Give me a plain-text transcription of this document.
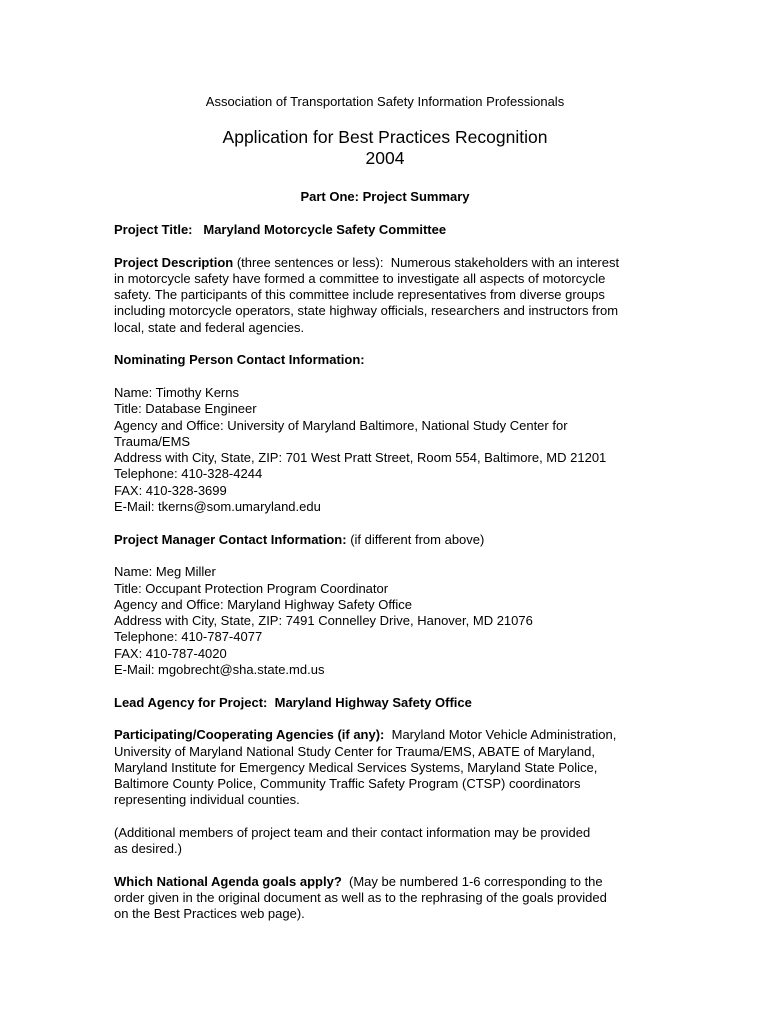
Association of Transportation Safety Information Professionals
Application for Best Practices Recognition
2004
Part One: Project Summary

Project Title: Maryland Motorcycle Safety Committee

Project Description (three sentences or less): Numerous stakeholders with an interest
in motorcycle safety have formed a committee to investigate all aspects of motorcycle
safety. The participants of this committee include representatives from diverse groups
including motorcycle operators, state highway officials, researchers and instructors from
local, state and federal agencies.

Nominating Person Contact Information:

Name: Timothy Kerns
Title: Database Engineer
Agency and Office: University of Maryland Baltimore, National Study Center for
Trauma/EMS
Address with City, State, ZIP: 701 West Pratt Street, Room 554, Baltimore, MD 21201
Telephone: 410-328-4244
FAX: 410-328-3699
E-Mail: tkerns@som.umaryland.edu

Project Manager Contact Information: (if different from above)

Name: Meg Miller
Title: Occupant Protection Program Coordinator
Agency and Office: Maryland Highway Safety Office
Address with City, State, ZIP: 7491 Connelley Drive, Hanover, MD 21076
Telephone: 410-787-4077
FAX: 410-787-4020
E-Mail: mgobrecht@sha.state.md.us

Lead Agency for Project: Maryland Highway Safety Office

Participating/Cooperating Agencies (if any): Maryland Motor Vehicle Administration,
University of Maryland National Study Center for Trauma/EMS, ABATE of Maryland,
Maryland Institute for Emergency Medical Services Systems, Maryland State Police,
Baltimore County Police, Community Traffic Safety Program (CTSP) coordinators
representing individual counties.

(Additional members of project team and their contact information may be provided
as desired.)

Which National Agenda goals apply? (May be numbered 1-6 corresponding to the
order given in the original document as well as to the rephrasing of the goals provided
on the Best Practices web page).
